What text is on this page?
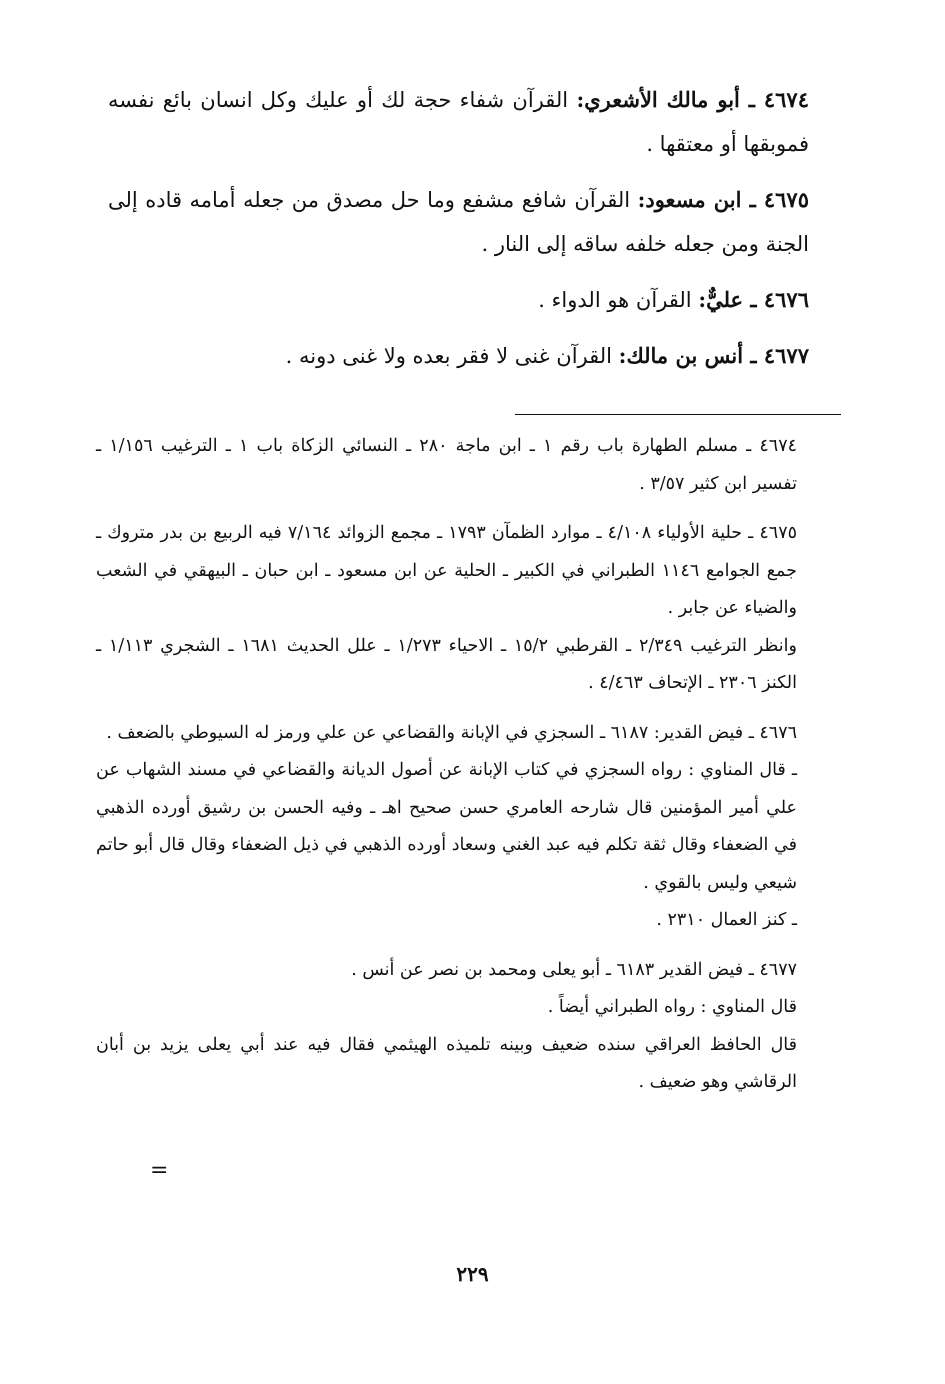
٤٦٧٤ ـ أبو مالك الأشعري: القرآن شفاء حجة لك أو عليك وكل انسان بائع نفسه فموبقها أو معتقها .

٤٦٧٥ ـ ابن مسعود: القرآن شافع مشفع وما حل مصدق من جعله أمامه قاده إلى الجنة ومن جعله خلفه ساقه إلى النار .

٤٦٧٦ ـ عليٌّ: القرآن هو الدواء .

٤٦٧٧ ـ أنس بن مالك: القرآن غنى لا فقر بعده ولا غنى دونه .

٤٦٧٤ ـ مسلم الطهارة باب رقم ١ ـ ابن ماجة ٢٨٠ ـ النسائي الزكاة باب ١ ـ الترغيب ١/١٥٦ ـ تفسير ابن كثير ٣/٥٧ .

٤٦٧٥ ـ حلية الأولياء ٤/١٠٨ ـ موارد الظمآن ١٧٩٣ ـ مجمع الزوائد ٧/١٦٤ فيه الربيع بن بدر متروك ـ جمع الجوامع ١١٤٦ الطبراني في الكبير ـ الحلية عن ابن مسعود ـ ابن حبان ـ البيهقي في الشعب والضياء عن جابر .

وانظر الترغيب ٢/٣٤٩ ـ القرطبي ١٥/٢ ـ الاحياء ١/٢٧٣ ـ علل الحديث ١٦٨١ ـ الشجري ١/١١٣ ـ الكنز ٢٣٠٦ ـ الإتحاف ٤/٤٦٣ .

٤٦٧٦ ـ فيض القدير: ٦١٨٧ ـ السجزي في الإبانة والقضاعي عن علي ورمز له السيوطي بالضعف .

ـ قال المناوي : رواه السجزي في كتاب الإبانة عن أصول الديانة والقضاعي في مسند الشهاب عن علي أمير المؤمنين قال شارحه العامري حسن صحيح اهـ ـ وفيه الحسن بن رشيق أورده الذهبي في الضعفاء وقال ثقة تكلم فيه عبد الغني وسعاد أورده الذهبي في ذيل الضعفاء وقال قال أبو حاتم شيعي وليس بالقوي .

ـ كنز العمال ٢٣١٠ .

٤٦٧٧ ـ فيض القدير ٦١٨٣ ـ أبو يعلى ومحمد بن نصر عن أنس .

قال المناوي : رواه الطبراني أيضاً .

قال الحافظ العراقي سنده ضعيف وبينه تلميذه الهيثمي فقال فيه عند أبي يعلى يزيد بن أبان الرقاشي وهو ضعيف .

=
٢٢٩
